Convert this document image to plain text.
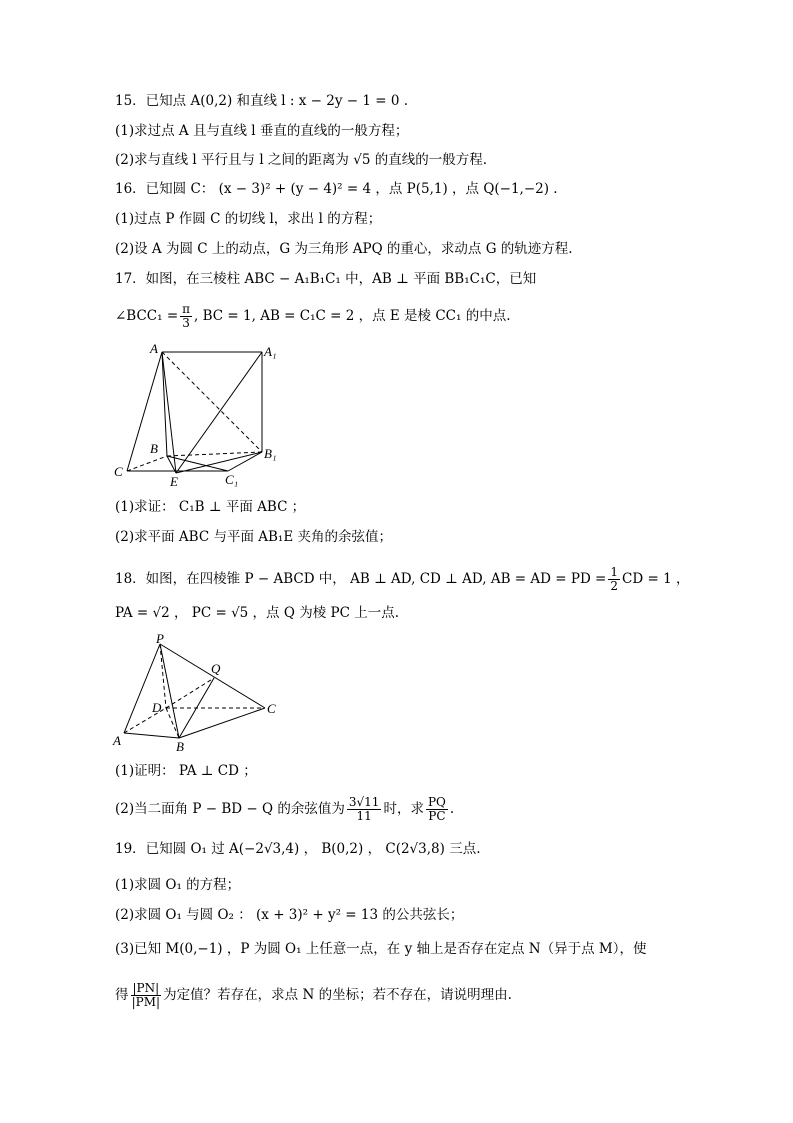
15．已知点 A(0,2) 和直线 l : x − 2y − 1 = 0 .
(1)求过点 A 且与直线 l 垂直的直线的一般方程；
(2)求与直线 l 平行且与 l 之间的距离为 √5 的直线的一般方程.
16．已知圆 C： (x − 3)² + (y − 4)² = 4 ，点 P(5,1) ，点 Q(−1,−2) .
(1)过点 P 作圆 C 的切线 l，求出 l 的方程；
(2)设 A 为圆 C 上的动点，G 为三角形 APQ 的重心，求动点 G 的轨迹方程.
17．如图，在三棱柱 ABC − A₁B₁C₁ 中，AB ⊥ 平面 BB₁C₁C，已知
∠BCC₁ = $\frac{\pi}{3}$ , BC = 1, AB = C₁C = 2 ，点 E 是棱 CC₁ 的中点.
A	A₁
B	B₁
C
C₁
E
(1)求证： C₁B ⊥ 平面 ABC ；
(2)求平面 ABC 与平面 AB₁E 夹角的余弦值；
18．如图，在四棱锥 P − ABCD 中， AB ⊥ AD, CD ⊥ AD, AB = AD = PD = $\frac{1}{2}$ CD = 1 ，
PA = √2 ， PC = √5 ，点 Q 为棱 PC 上一点.
P
Q
D	C
A	B
(1)证明： PA ⊥ CD ；
(2)当二面角 P − BD − Q 的余弦值为 $\frac{3√11}{11}$ 时，求 $\frac{PQ}{PC}$ .
19．已知圆 O₁ 过 A(−2√3,4) ， B(0,2) ， C(2√3,8) 三点.
(1)求圆 O₁ 的方程；
(2)求圆 O₁ 与圆 O₂ ： (x + 3)² + y² = 13 的公共弦长；
(3)已知 M(0,−1) ，P 为圆 O₁ 上任意一点，在 y 轴上是否存在定点 N（异于点 M），使
得 $\frac{|PN|}{|PM|}$ 为定值？若存在，求点 N 的坐标；若不存在，请说明理由.
